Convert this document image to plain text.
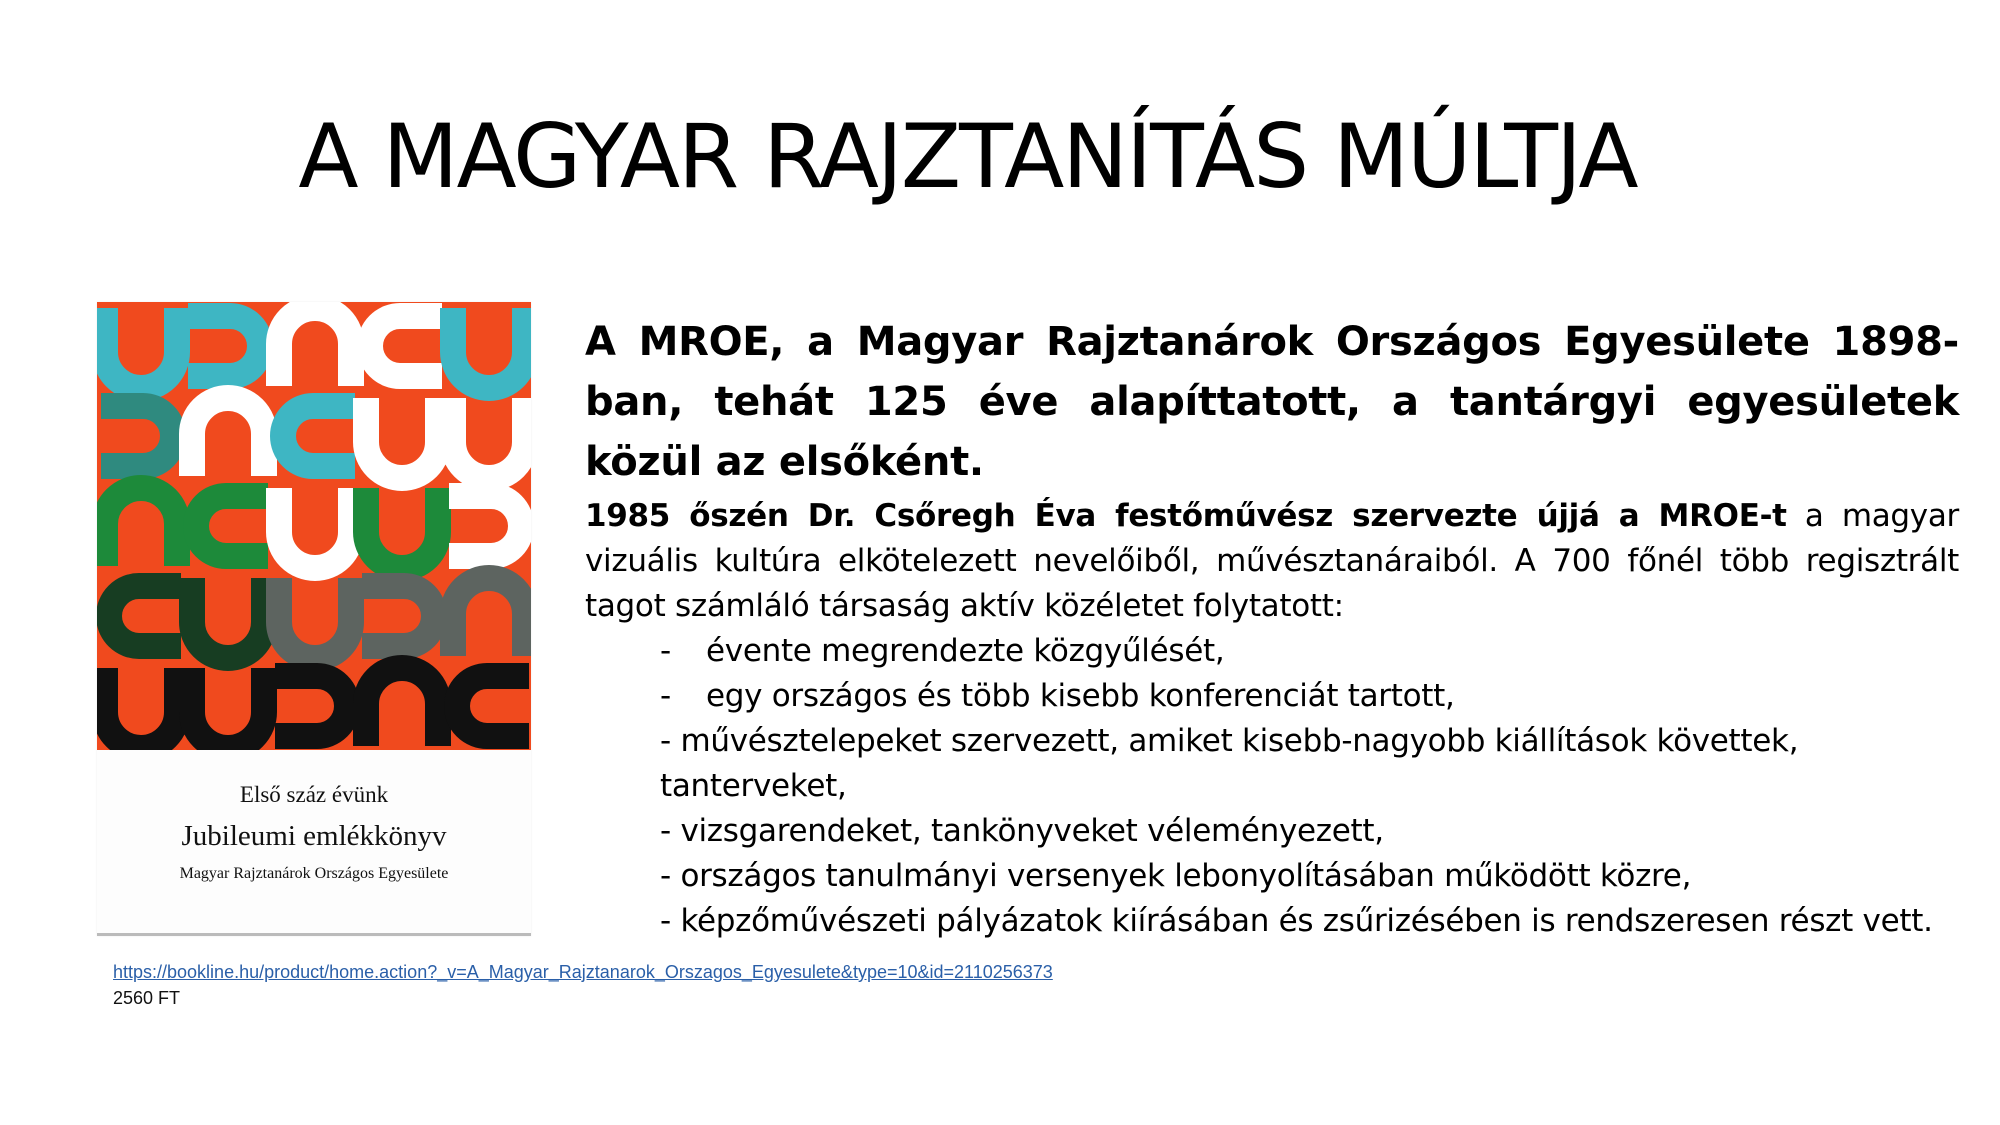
A MAGYAR RAJZTANÍTÁS MÚLTJA
Első száz évünk
Jubileumi emlékkönyv
Magyar Rajztanárok Országos Egyesülete

A MROE, a Magyar Rajztanárok Országos Egyesülete 1898-ban, tehát 125 éve alapíttatott, a tantárgyi egyesületek közül az elsőként.

1985 őszén Dr. Csőregh Éva festőművész szervezte újjá a MROE-t a magyar vizuális kultúra elkötelezett nevelőiből, művésztanáraiból. A 700 főnél több regisztrált tagot számláló társaság aktív közéletet folytatott:

- évente megrendezte közgyűlését,
- egy országos és több kisebb konferenciát tartott,
- művésztelepeket szervezett, amiket kisebb-nagyobb kiállítások követtek,
tanterveket,
- vizsgarendeket, tankönyveket véleményezett,
- országos tanulmányi versenyek lebonyolításában működött közre,
- képzőművészeti pályázatok kiírásában és zsűrizésében is rendszeresen részt vett.
https://bookline.hu/product/home.action?_v=A_Magyar_Rajztanarok_Orszagos_Egyesulete&type=10&id=2110256373
2560 FT
